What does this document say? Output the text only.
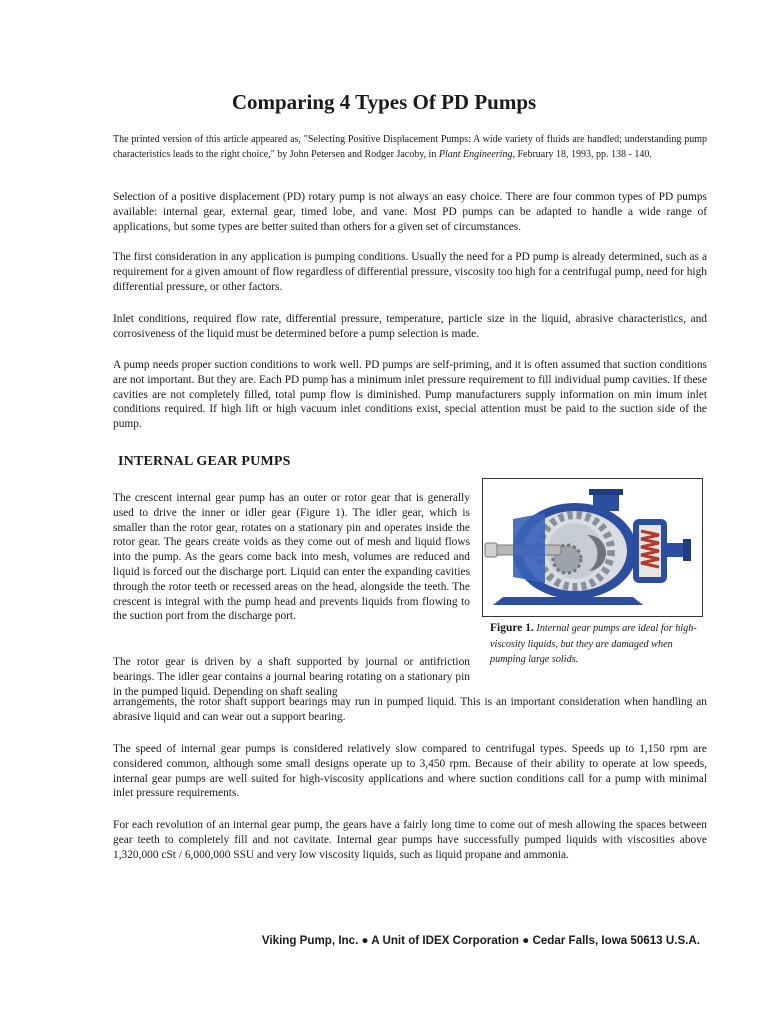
Comparing 4 Types Of PD Pumps

The printed version of this article appeared as, "Selecting Positive Displacement Pumps: A wide variety of fluids are handled; understanding pump characteristics leads to the right choice," by John Petersen and Rodger Jacoby, in Plant Engineering, February 18, 1993, pp. 138 - 140.

Selection of a positive displacement (PD) rotary pump is not always an easy choice. There are four common types of PD pumps available: internal gear, external gear, timed lobe, and vane. Most PD pumps can be adapted to handle a wide range of applications, but some types are better suited than others for a given set of circumstances.

The first consideration in any application is pumping conditions. Usually the need for a PD pump is already determined, such as a requirement for a given amount of flow regardless of differential pressure, viscosity too high for a centrifugal pump, need for high differential pressure, or other factors.

Inlet conditions, required flow rate, differential pressure, temperature, particle size in the liquid, abrasive characteristics, and corrosiveness of the liquid must be determined before a pump selection is made.

A pump needs proper suction conditions to work well. PD pumps are self-priming, and it is often assumed that suction conditions are not important. But they are. Each PD pump has a minimum inlet pressure requirement to fill individual pump cavities. If these cavities are not completely filled, total pump flow is diminished. Pump manufacturers supply information on min imum inlet conditions required. If high lift or high vacuum inlet conditions exist, special attention must be paid to the suction side of the pump.

INTERNAL GEAR PUMPS

The crescent internal gear pump has an outer or rotor gear that is generally used to drive the inner or idler gear (Figure 1). The idler gear, which is smaller than the rotor gear, rotates on a stationary pin and operates inside the rotor gear. The gears create voids as they come out of mesh and liquid flows into the pump. As the gears come back into mesh, volumes are reduced and liquid is forced out the discharge port. Liquid can enter the expanding cavities through the rotor teeth or recessed areas on the head, alongside the teeth. The crescent is integral with the pump head and prevents liquids from flowing to the suction port from the discharge port.

The rotor gear is driven by a shaft supported by journal or antifriction bearings. The idler gear contains a journal bearing rotating on a stationary pin in the pumped liquid. Depending on shaft sealing

arrangements, the rotor shaft support bearings may run in pumped liquid. This is an important consideration when handling an abrasive liquid and can wear out a support bearing.

The speed of internal gear pumps is considered relatively slow compared to centrifugal types. Speeds up to 1,150 rpm are considered common, although some small designs operate up to 3,450 rpm. Because of their ability to operate at low speeds, internal gear pumps are well suited for high-viscosity applications and where suction conditions call for a pump with minimal inlet pressure requirements.

For each revolution of an internal gear pump, the gears have a fairly long time to come out of mesh allowing the spaces between gear teeth to completely fill and not cavitate. Internal gear pumps have successfully pumped liquids with viscosities above 1,320,000 cSt / 6,000,000 SSU and very low viscosity liquids, such as liquid propane and ammonia.

Figure 1. Internal gear pumps are ideal for high-viscosity liquids, but they are damaged when pumping large solids.

Viking Pump, Inc. ● A Unit of IDEX Corporation ● Cedar Falls, Iowa 50613 U.S.A.
